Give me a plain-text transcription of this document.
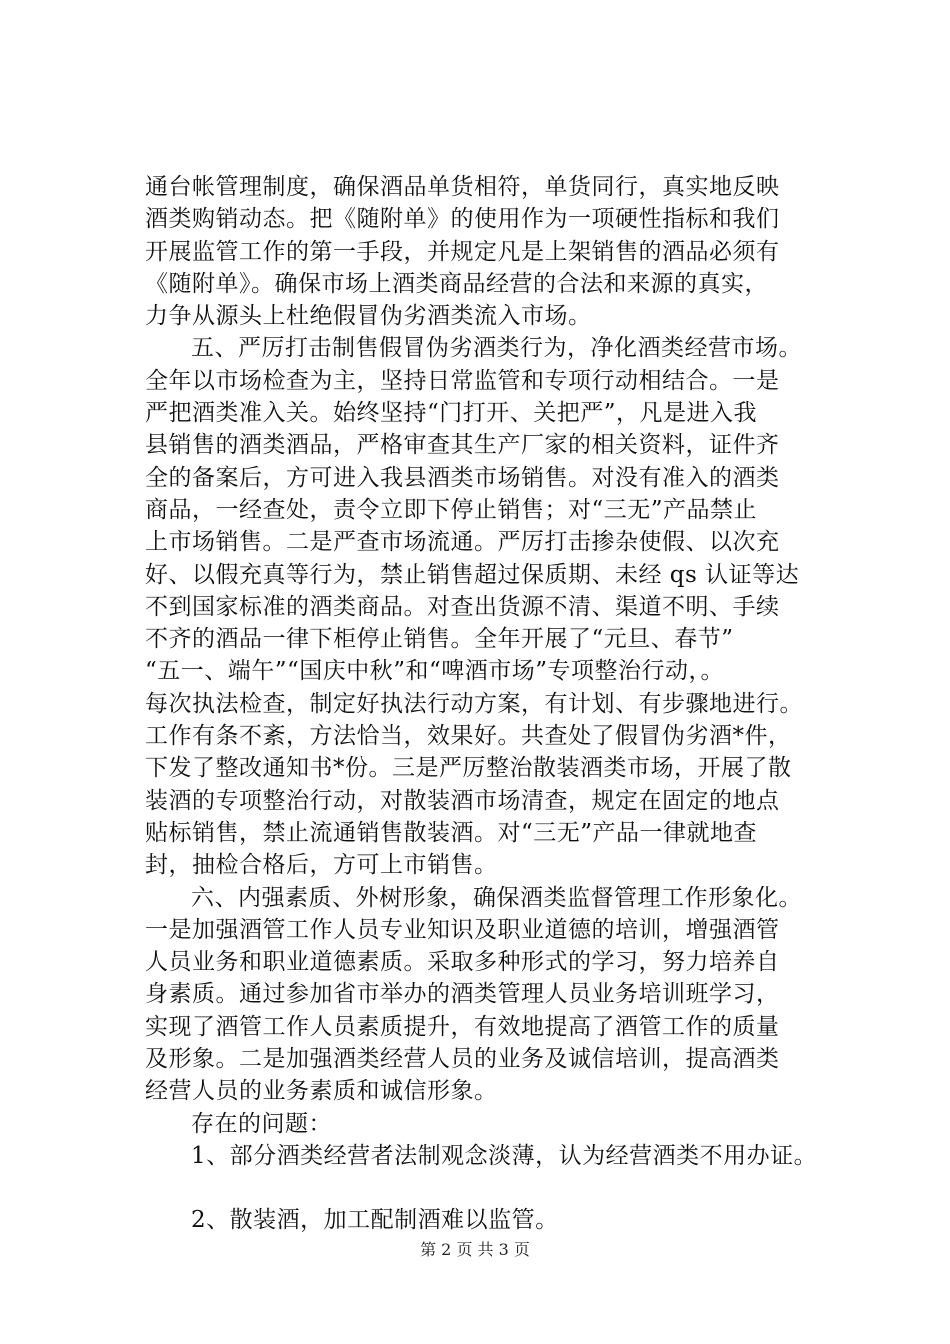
通台帐管理制度，确保酒品单货相符，单货同行，真实地反映
酒类购销动态。把《随附单》的使用作为一项硬性指标和我们
开展监管工作的第一手段，并规定凡是上架销售的酒品必须有
《随附单》。确保市场上酒类商品经营的合法和来源的真实，
力争从源头上杜绝假冒伪劣酒类流入市场。
五、严厉打击制售假冒伪劣酒类行为，净化酒类经营市场。
全年以市场检查为主，坚持日常监管和专项行动相结合。一是
严把酒类准入关。始终坚持“门打开、关把严”，凡是进入我
县销售的酒类酒品，严格审查其生产厂家的相关资料，证件齐
全的备案后，方可进入我县酒类市场销售。对没有准入的酒类
商品，一经查处，责令立即下停止销售；对“三无”产品禁止
上市场销售。二是严查市场流通。严厉打击掺杂使假、以次充
好、以假充真等行为，禁止销售超过保质期、未经 qs 认证等达
不到国家标准的酒类商品。对查出货源不清、渠道不明、手续
不齐的酒品一律下柜停止销售。全年开展了“元旦、春节”
“五一、端午”“国庆中秋”和“啤酒市场”专项整治行动，。
每次执法检查，制定好执法行动方案，有计划、有步骤地进行。
工作有条不紊，方法恰当，效果好。共查处了假冒伪劣酒*件，
下发了整改通知书*份。三是严厉整治散装酒类市场，开展了散
装酒的专项整治行动，对散装酒市场清查，规定在固定的地点
贴标销售，禁止流通销售散装酒。对“三无”产品一律就地查
封，抽检合格后，方可上市销售。
六、内强素质、外树形象，确保酒类监督管理工作形象化。
一是加强酒管工作人员专业知识及职业道德的培训，增强酒管
人员业务和职业道德素质。采取多种形式的学习，努力培养自
身素质。通过参加省市举办的酒类管理人员业务培训班学习，
实现了酒管工作人员素质提升，有效地提高了酒管工作的质量
及形象。二是加强酒类经营人员的业务及诚信培训，提高酒类
经营人员的业务素质和诚信形象。
存在的问题：
1、部分酒类经营者法制观念淡薄，认为经营酒类不用办证。
2、散装酒，加工配制酒难以监管。
第 2 页 共 3 页
